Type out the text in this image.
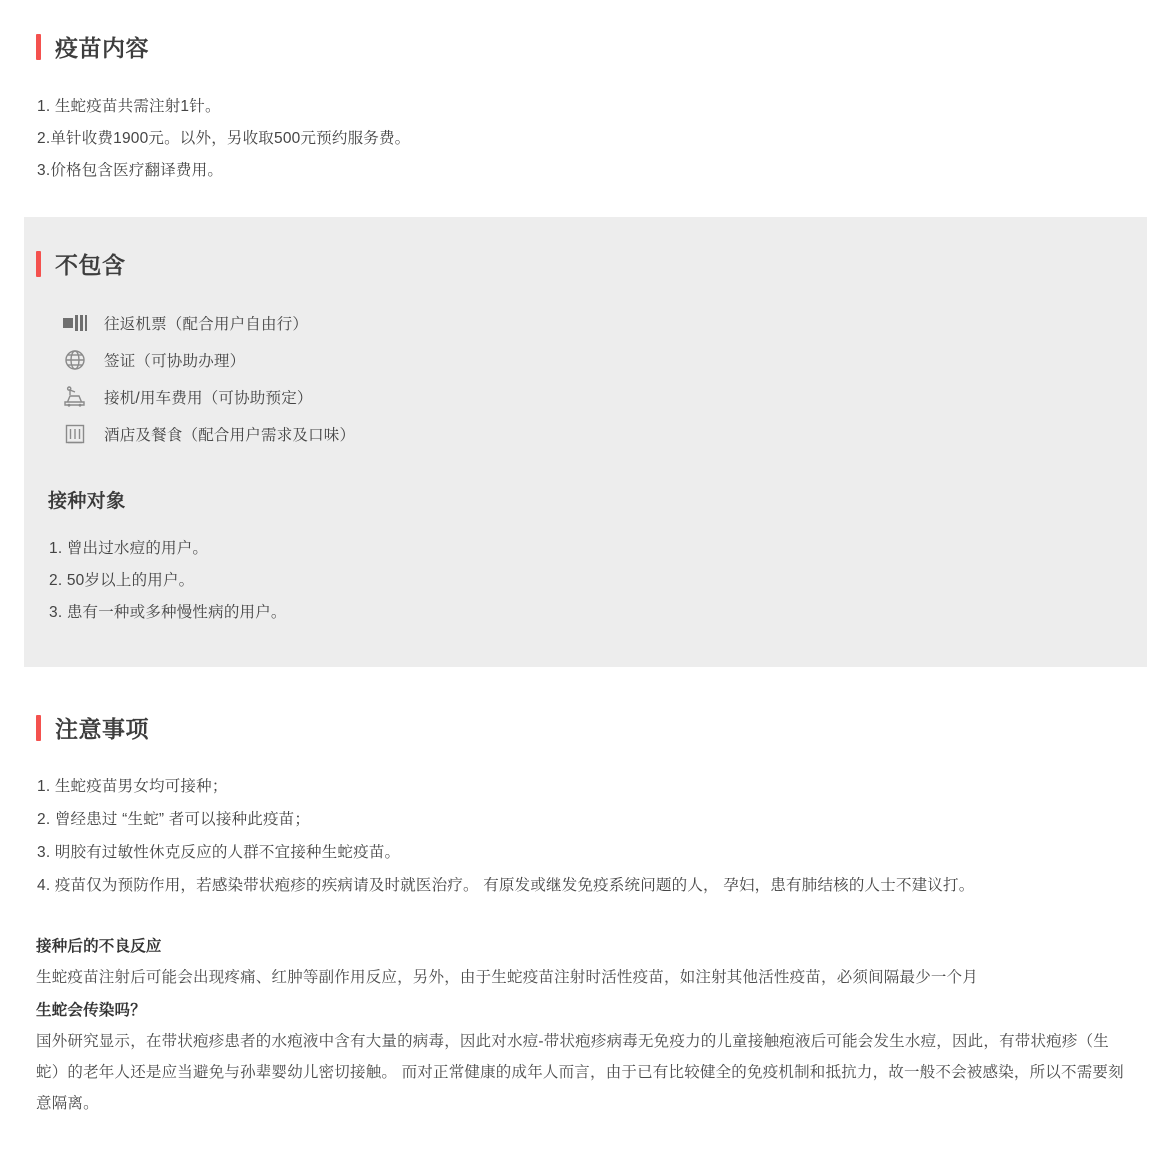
疫苗内容
1. 生蛇疫苗共需注射1针。
2.单针收费1900元。以外，另收取500元预约服务费。
3.价格包含医疗翻译费用。
不包含
往返机票（配合用户自由行）
签证（可协助办理）
接机/用车费用（可协助预定）
酒店及餐食（配合用户需求及口味）
接种对象
1. 曾出过水痘的用户。
2. 50岁以上的用户。
3. 患有一种或多种慢性病的用户。
注意事项
1. 生蛇疫苗男女均可接种；
2. 曾经患过 “生蛇” 者可以接种此疫苗；
3. 明胶有过敏性休克反应的人群不宜接种生蛇疫苗。
4. 疫苗仅为预防作用，若感染带状疱疹的疾病请及时就医治疗。 有原发或继发免疫系统问题的人， 孕妇，患有肺结核的人士不建议打。
接种后的不良反应

生蛇疫苗注射后可能会出现疼痛、红肿等副作用反应，另外，由于生蛇疫苗注射时活性疫苗，如注射其他活性疫苗，必须间隔最少一个月

生蛇会传染吗？

国外研究显示，在带状疱疹患者的水疱液中含有大量的病毒，因此对水痘-带状疱疹病毒无免疫力的儿童接触疱液后可能会发生水痘，因此，有带状疱疹（生蛇）的老年人还是应当避免与孙辈婴幼儿密切接触。 而对正常健康的成年人而言，由于已有比较健全的免疫机制和抵抗力，故一般不会被感染，所以不需要刻意隔离。
